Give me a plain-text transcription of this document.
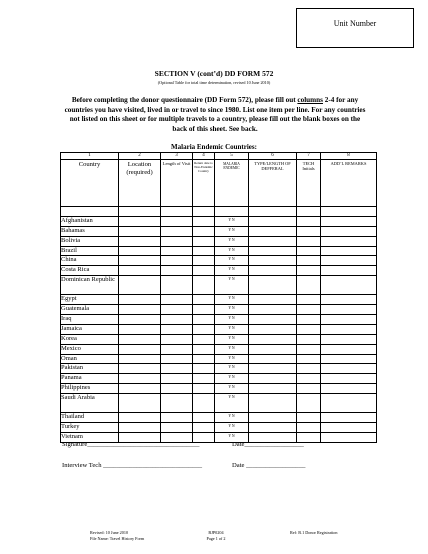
Unit Number
SECTION V (cont’d) DD FORM 572
(Optional Table for total time determination, revised 10 June 2010)
Before completing the donor questionnaire (DD Form 572), please fill out columns 2-4 for any countries you have visited, lived in or travel to since 1980. List one item per line. For any countries not listed on this sheet or for multiple travels to a country, please fill out the blank boxes on the back of this sheet. See back.
Malaria Endemic Countries:
1	2	3	4	5	6	7	8

Country	Location (required)	Length of Visit	Return date to Non-Endemic Country	MALARIA ENDEMIC	TYPE/LENGTH OF DEFFERAL	TECH Initials	ADD’L REMARKS

Afghanistan				Y N			
Bahamas				Y N			
Bolivia				Y N			
Brazil				Y N			
China				Y N			
Costa Rica				Y N			
Dominican Republic				Y N			
Egypt				Y N			
Guatemala				Y N			
Iraq				Y N			
Jamaica				Y N			
Korea				Y N			
Mexico				Y N			
Oman				Y N			
Pakistan				Y N			
Panama				Y N			
Philippines				Y N			
Saudi Arabia				Y N			
Thailand				Y N			
Turkey				Y N			
Vietnam				Y N			
Signature__________________________________	Date__________________
Interview Tech ______________________________	Date __________________
Revised: 10 June 2010
File Name: Travel History Form
BJP0204
Page 1 of 2
Ref: B.1 Donor Registration
